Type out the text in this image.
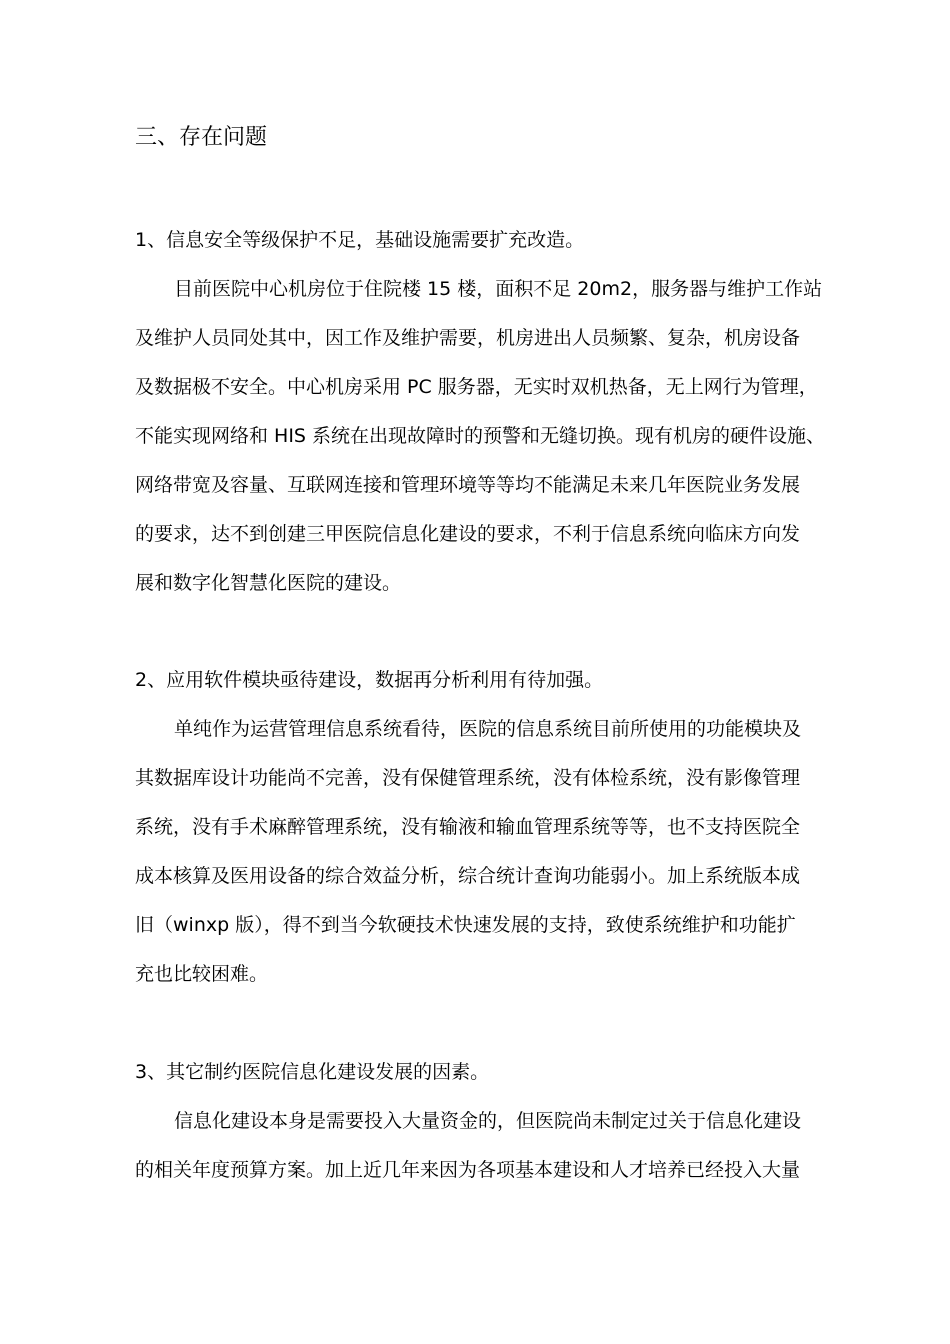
三、存在问题
1、信息安全等级保护不足，基础设施需要扩充改造。
目前医院中心机房位于住院楼 15 楼，面积不足 20m2，服务器与维护工作站
及维护人员同处其中，因工作及维护需要，机房进出人员频繁、复杂，机房设备
及数据极不安全。中心机房采用 PC 服务器，无实时双机热备，无上网行为管理，
不能实现网络和 HIS 系统在出现故障时的预警和无缝切换。现有机房的硬件设施、
网络带宽及容量、互联网连接和管理环境等等均不能满足未来几年医院业务发展
的要求，达不到创建三甲医院信息化建设的要求，不利于信息系统向临床方向发
展和数字化智慧化医院的建设。
2、应用软件模块亟待建设，数据再分析利用有待加强。
单纯作为运营管理信息系统看待，医院的信息系统目前所使用的功能模块及
其数据库设计功能尚不完善，没有保健管理系统，没有体检系统，没有影像管理
系统，没有手术麻醉管理系统，没有输液和输血管理系统等等，也不支持医院全
成本核算及医用设备的综合效益分析，综合统计查询功能弱小。加上系统版本成
旧（winxp 版），得不到当今软硬技术快速发展的支持，致使系统维护和功能扩
充也比较困难。
3、其它制约医院信息化建设发展的因素。
信息化建设本身是需要投入大量资金的，但医院尚未制定过关于信息化建设
的相关年度预算方案。加上近几年来因为各项基本建设和人才培养已经投入大量
